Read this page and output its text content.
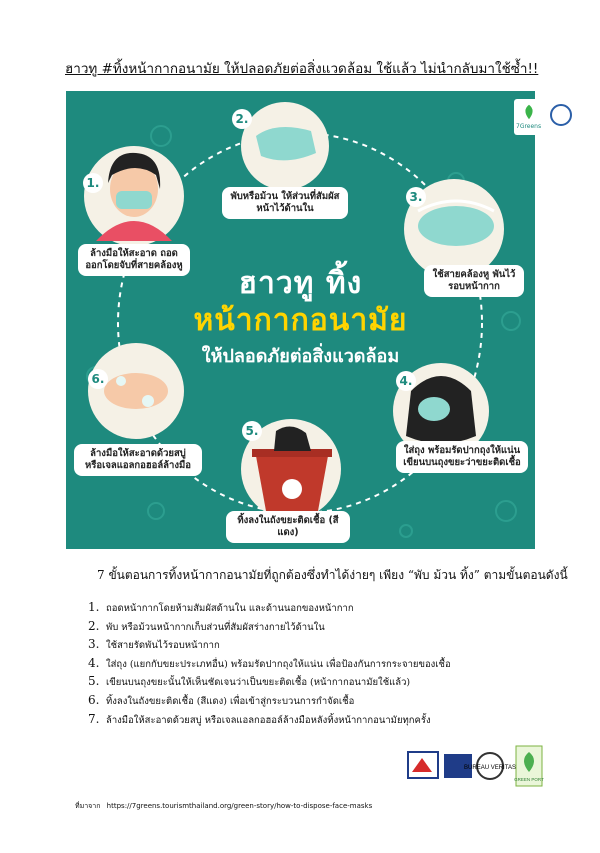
ฮาวทู #ทิ้งหน้ากากอนามัย ให้ปลอดภัยต่อสิ่งแวดล้อม ใช้แล้ว ไม่นำกลับมาใช้ซ้ำ!!
7Greens
ฮาวทู ทิ้ง
หน้ากากอนามัย
ให้ปลอดภัยต่อสิ่งแวดล้อม
1.
2.
3.
4.
5.
6.
ล้างมือให้สะอาด ถอดออกโดยจับที่สายคล้องหู
พับหรือม้วน ให้ส่วนที่สัมผัสหน้าไว้ด้านใน
ใช้สายคล้องหู พันไว้รอบหน้ากาก
ใส่ถุง พร้อมรัดปากถุงให้แน่น เขียนบนถุงขยะว่าขยะติดเชื้อ
ทิ้งลงในถังขยะติดเชื้อ (สีแดง)
ล้างมือให้สะอาดด้วยสบู่ หรือเจลแอลกอฮอล์ล้างมือ
7 ขั้นตอนการทิ้งหน้ากากอนามัยที่ถูกต้องซึ่งทำได้ง่ายๆ เพียง “พับ ม้วน ทิ้ง” ตามขั้นตอนดังนี้
1. ถอดหน้ากากโดยห้ามสัมผัสด้านใน และด้านนอกของหน้ากาก
2. พับ หรือม้วนหน้ากากเก็บส่วนที่สัมผัสร่างกายไว้ด้านใน
3. ใช้สายรัดพันไว้รอบหน้ากาก
4. ใส่ถุง (แยกกับขยะประเภทอื่น) พร้อมรัดปากถุงให้แน่น เพื่อป้องกันการกระจายของเชื้อ
5. เขียนบนถุงขยะนั้นให้เห็นชัดเจนว่าเป็นขยะติดเชื้อ (หน้ากากอนามัยใช้แล้ว)
6. ทิ้งลงในถังขยะติดเชื้อ (สีแดง) เพื่อเข้าสู่กระบวนการกำจัดเชื้อ
7. ล้างมือให้สะอาดด้วยสบู่ หรือเจลแอลกอฮอล์ล้างมือหลังทิ้งหน้ากากอนามัยทุกครั้ง
BUREAU VERITAS
GREEN PORT
ที่มาจาก https://7greens.tourismthailand.org/green-story/how-to-dispose-face-masks
